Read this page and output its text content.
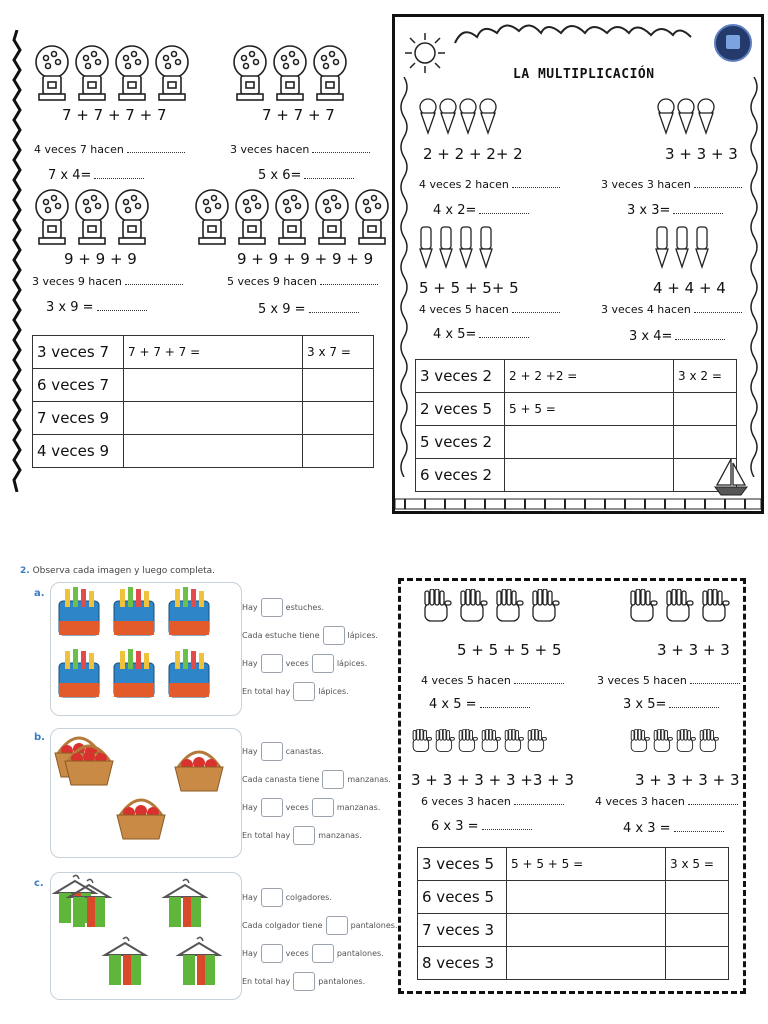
7 + 7 + 7 + 7	7 + 7 + 7
4 veces 7 hacen	3 veces hacen
7 x 4=	5 x 6=
9 + 9 + 9	9 + 9 + 9 + 9 + 9
3 veces 9 hacen	5 veces 9 hacen
3 x 9 =	5 x 9 =
3 veces 7	7 + 7 + 7 =	3 x 7 =
6 veces 7		
7 veces 9		
4 veces 9		
LA MULTIPLICACIÓN
2 + 2 + 2+ 2	3 + 3 + 3
4 veces 2 hacen	3 veces 3 hacen
4 x 2=	3 x 3=
5 + 5 + 5+ 5	4 + 4 + 4
4 veces 5 hacen	3 veces 4 hacen
4 x 5=	3 x 4=
3 veces 2	2 + 2 +2 =	3 x 2 =
2 veces 5	5 + 5 =	
5 veces 2		
6 veces 2		
2. Observa cada imagen y luego completa.
a.
Hay	estuches.
Cada estuche tiene	lápices.
Hay	veces	lápices.
En total hay	lápices.
b.
Hay	canastas.
Cada canasta tiene	manzanas.
Hay	veces	manzanas.
En total hay	manzanas.
c.
Hay	colgadores.
Cada colgador tiene	pantalones.
Hay	veces	pantalones.
En total hay	pantalones.
5 + 5 + 5 + 5	3 + 3 + 3
4 veces 5 hacen	3 veces 5 hacen
4 x 5 =	3 x 5=
3 + 3 + 3 + 3 +3 + 3	3 + 3 + 3 + 3
6 veces 3 hacen	4 veces 3 hacen
6 x 3 =	4 x 3 =
3 veces 5	5 + 5 + 5 =	3 x 5 =
6 veces 5		
7 veces 3		
8 veces 3		
